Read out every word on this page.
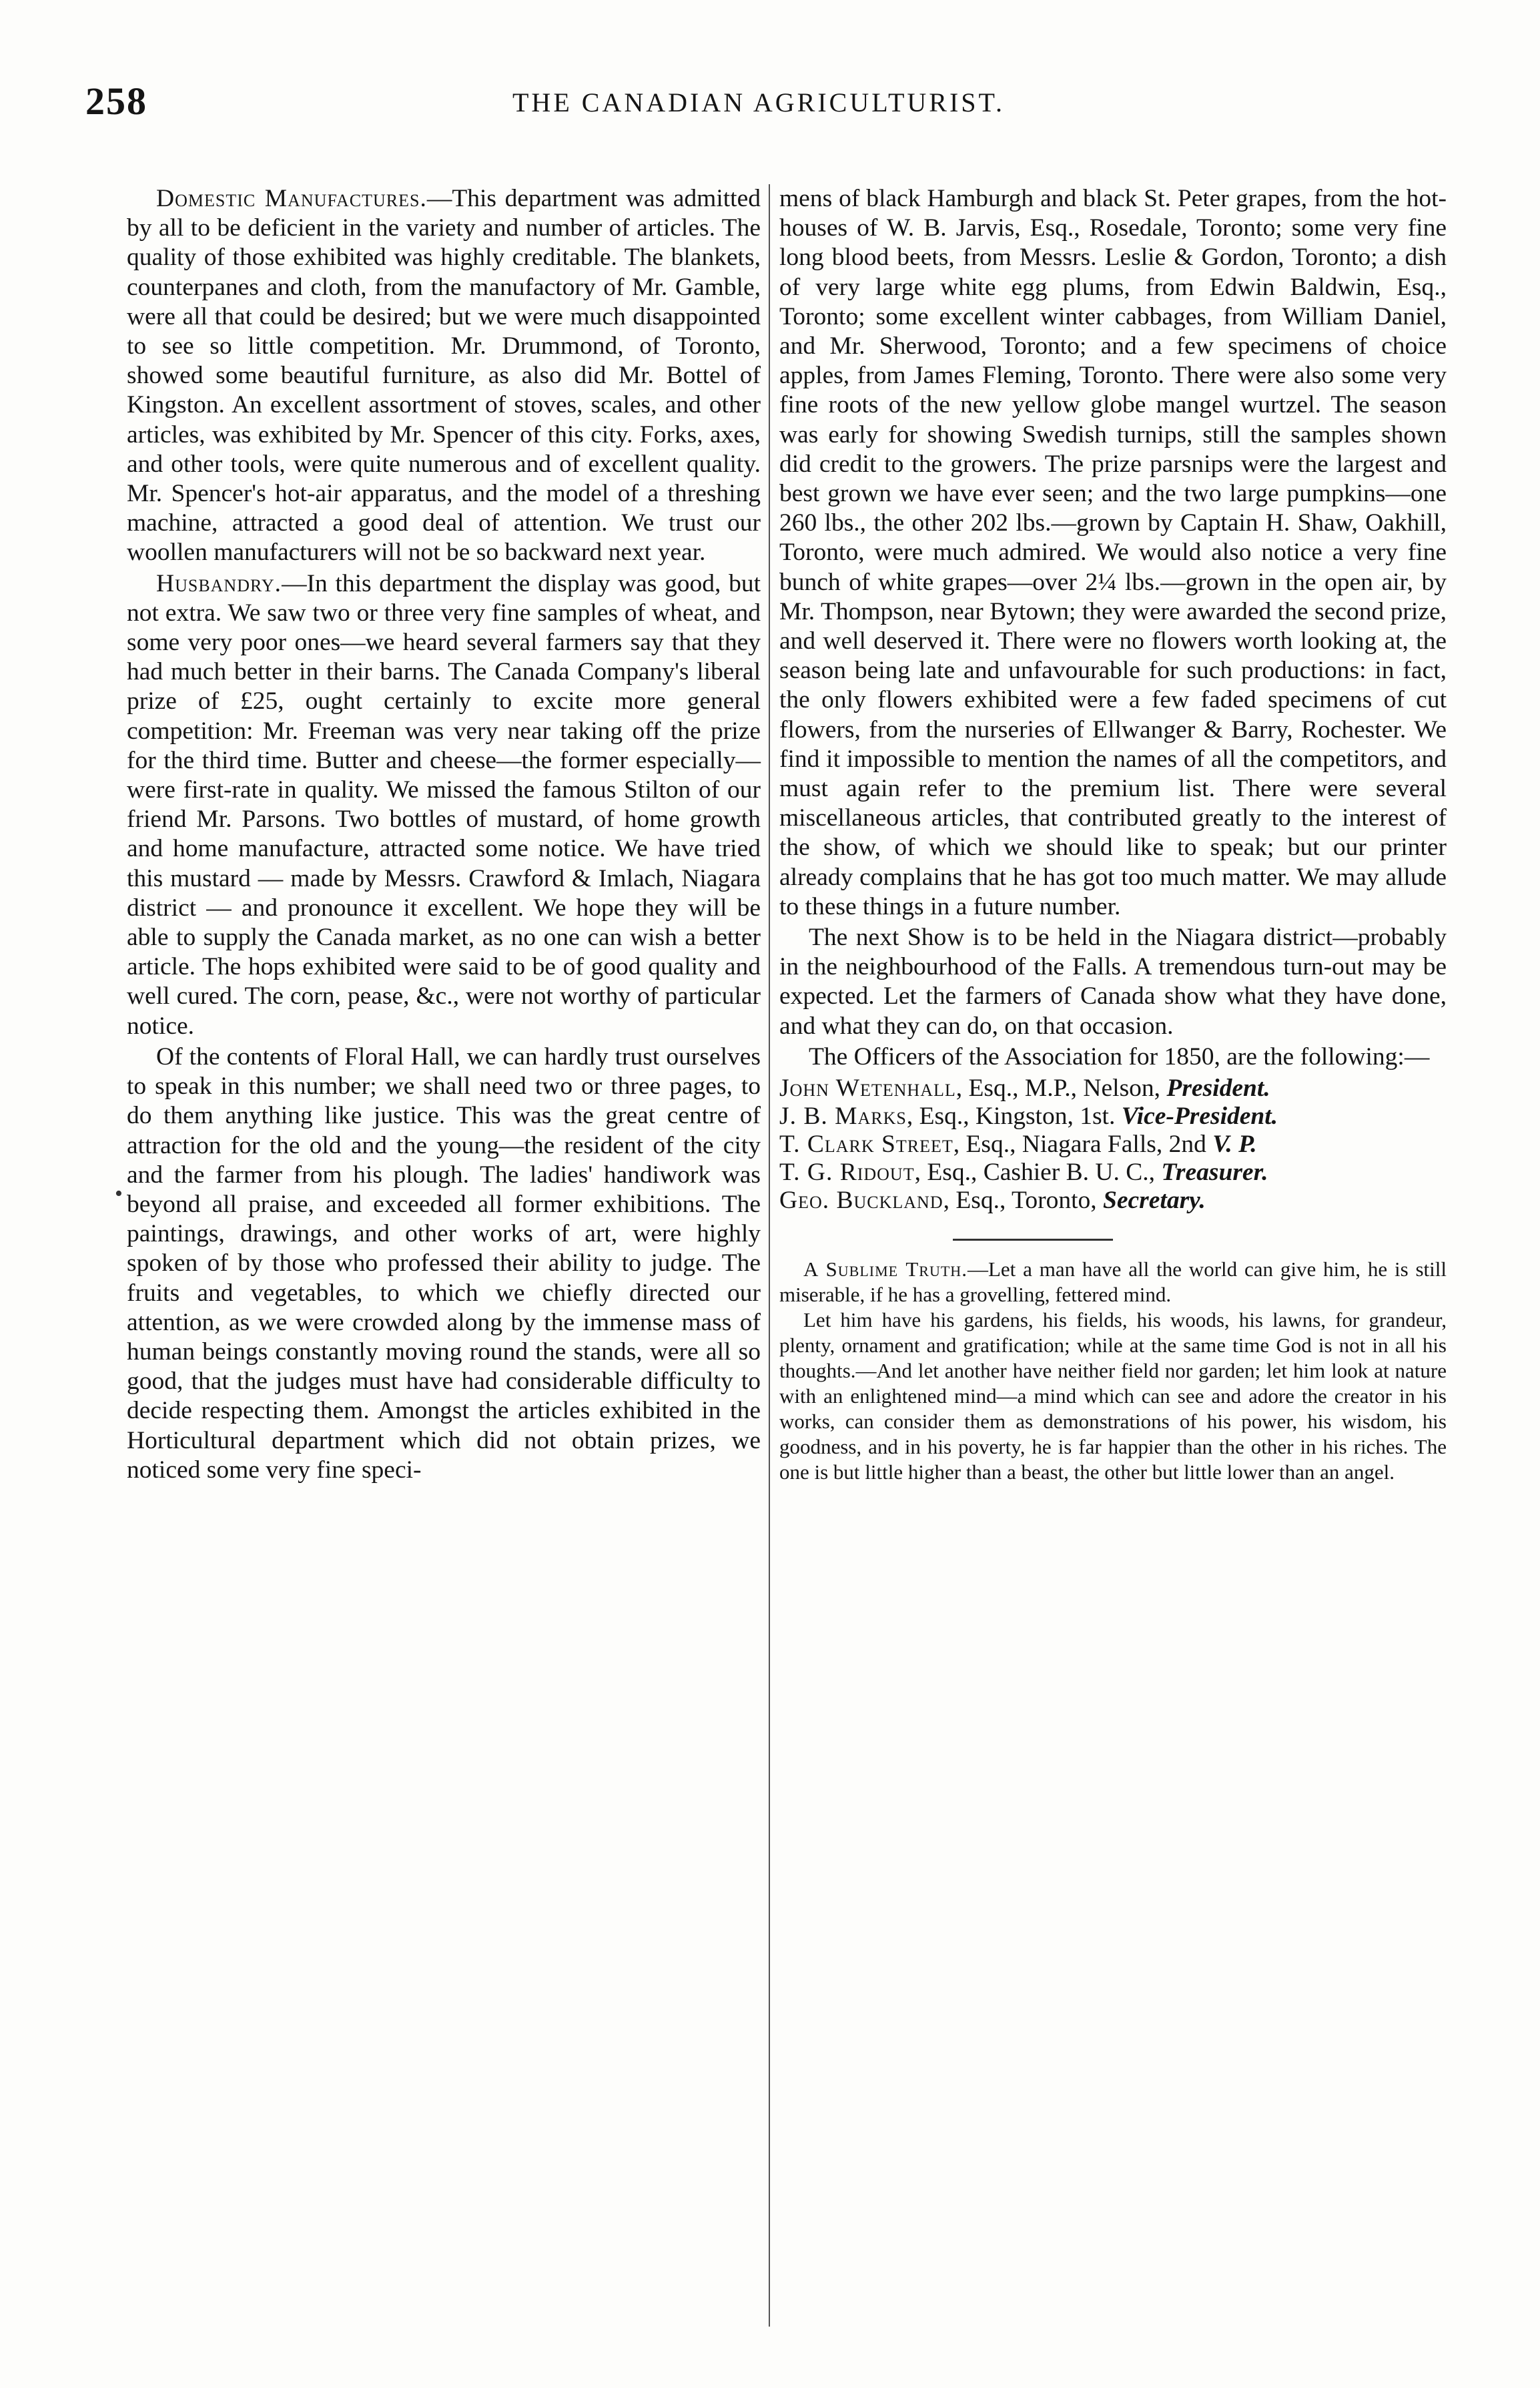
258	THE CANADIAN AGRICULTURIST.

Domestic Manufactures.—This department was admitted by all to be deficient in the variety and number of articles. The quality of those exhibited was highly creditable. The blankets, counterpanes and cloth, from the manufactory of Mr. Gamble, were all that could be desired; but we were much disappointed to see so little competition. Mr. Drummond, of Toronto, showed some beautiful furniture, as also did Mr. Bottel of Kingston. An excellent assortment of stoves, scales, and other articles, was exhibited by Mr. Spencer of this city. Forks, axes, and other tools, were quite numerous and of excellent quality. Mr. Spencer's hot-air apparatus, and the model of a threshing machine, attracted a good deal of attention. We trust our woollen manufacturers will not be so backward next year.

Husbandry.—In this department the display was good, but not extra. We saw two or three very fine samples of wheat, and some very poor ones—we heard several farmers say that they had much better in their barns. The Canada Company's liberal prize of £25, ought certainly to excite more general competition: Mr. Freeman was very near taking off the prize for the third time. Butter and cheese—the former especially—were first-rate in quality. We missed the famous Stilton of our friend Mr. Parsons. Two bottles of mustard, of home growth and home manufacture, attracted some notice. We have tried this mustard — made by Messrs. Crawford & Imlach, Niagara district — and pronounce it excellent. We hope they will be able to supply the Canada market, as no one can wish a better article. The hops exhibited were said to be of good quality and well cured. The corn, pease, &c., were not worthy of particular notice.

Of the contents of Floral Hall, we can hardly trust ourselves to speak in this number; we shall need two or three pages, to do them anything like justice. This was the great centre of attraction for the old and the young—the resident of the city and the farmer from his plough. The ladies' handiwork was beyond all praise, and exceeded all former exhibitions. The paintings, drawings, and other works of art, were highly spoken of by those who professed their ability to judge. The fruits and vegetables, to which we chiefly directed our attention, as we were crowded along by the immense mass of human beings constantly moving round the stands, were all so good, that the judges must have had considerable difficulty to decide respecting them. Amongst the articles exhibited in the Horticultural department which did not obtain prizes, we noticed some very fine speci-

mens of black Hamburgh and black St. Peter grapes, from the hot-houses of W. B. Jarvis, Esq., Rosedale, Toronto; some very fine long blood beets, from Messrs. Leslie & Gordon, Toronto; a dish of very large white egg plums, from Edwin Baldwin, Esq., Toronto; some excellent winter cabbages, from William Daniel, and Mr. Sherwood, Toronto; and a few specimens of choice apples, from James Fleming, Toronto. There were also some very fine roots of the new yellow globe mangel wurtzel. The season was early for showing Swedish turnips, still the samples shown did credit to the growers. The prize parsnips were the largest and best grown we have ever seen; and the two large pumpkins—one 260 lbs., the other 202 lbs.—grown by Captain H. Shaw, Oakhill, Toronto, were much admired. We would also notice a very fine bunch of white grapes—over 2¼ lbs.—grown in the open air, by Mr. Thompson, near Bytown; they were awarded the second prize, and well deserved it. There were no flowers worth looking at, the season being late and unfavourable for such productions: in fact, the only flowers exhibited were a few faded specimens of cut flowers, from the nurseries of Ellwanger & Barry, Rochester. We find it impossible to mention the names of all the competitors, and must again refer to the premium list. There were several miscellaneous articles, that contributed greatly to the interest of the show, of which we should like to speak; but our printer already complains that he has got too much matter. We may allude to these things in a future number.

The next Show is to be held in the Niagara district—probably in the neighbourhood of the Falls. A tremendous turn-out may be expected. Let the farmers of Canada show what they have done, and what they can do, on that occasion.

The Officers of the Association for 1850, are the following:—

John Wetenhall, Esq., M.P., Nelson, President.
J. B. Marks, Esq., Kingston, 1st. Vice-President.
T. Clark Street, Esq., Niagara Falls, 2nd V. P.
T. G. Ridout, Esq., Cashier B. U. C., Treasurer.
Geo. Buckland, Esq., Toronto, Secretary.

A Sublime Truth.—Let a man have all the world can give him, he is still miserable, if he has a grovelling, fettered mind.

Let him have his gardens, his fields, his woods, his lawns, for grandeur, plenty, ornament and gratification; while at the same time God is not in all his thoughts.—And let another have neither field nor garden; let him look at nature with an enlightened mind—a mind which can see and adore the creator in his works, can consider them as demonstrations of his power, his wisdom, his goodness, and in his poverty, he is far happier than the other in his riches. The one is but little higher than a beast, the other but little lower than an angel.

•
